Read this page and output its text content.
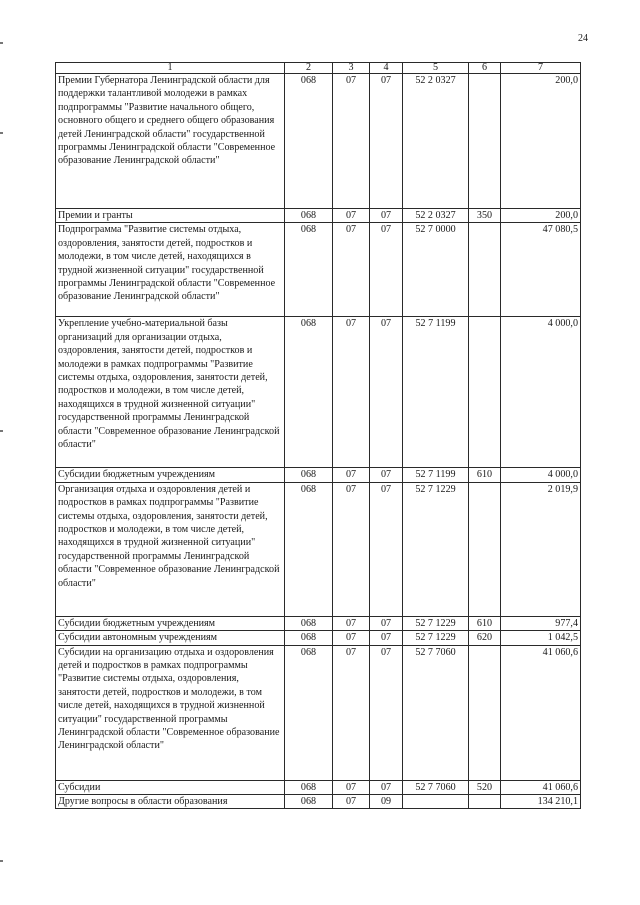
24
1	2	3	4	5	6	7
Премии Губернатора Ленинградской области для поддержки талантливой молодежи в рамках подпрограммы "Развитие начального общего, основного общего и среднего общего образования детей Ленинградской области" государственной программы Ленинградской области "Современное образование Ленинградской области"	068	07	07	52 2 0327		200,0
Премии и гранты	068	07	07	52 2 0327	350	200,0
Подпрограмма "Развитие системы отдыха, оздоровления, занятости детей, подростков и молодежи, в том числе детей, находящихся в трудной жизненной ситуации" государственной программы Ленинградской области "Современное образование Ленинградской области"	068	07	07	52 7 0000		47 080,5
Укрепление учебно-материальной базы организаций для организации отдыха, оздоровления, занятости детей, подростков и молодежи в рамках подпрограммы "Развитие системы отдыха, оздоровления, занятости детей, подростков и молодежи, в том числе детей, находящихся в трудной жизненной ситуации" государственной программы Ленинградской области "Современное образование Ленинградской области"	068	07	07	52 7 1199		4 000,0
Субсидии бюджетным учреждениям	068	07	07	52 7 1199	610	4 000,0
Организация отдыха и оздоровления детей и подростков в рамках подпрограммы "Развитие системы отдыха, оздоровления, занятости детей, подростков и молодежи, в том числе детей, находящихся в трудной жизненной ситуации" государственной программы Ленинградской области "Современное образование Ленинградской области"	068	07	07	52 7 1229		2 019,9
Субсидии бюджетным учреждениям	068	07	07	52 7 1229	610	977,4
Субсидии автономным учреждениям	068	07	07	52 7 1229	620	1 042,5
Субсидии на организацию отдыха и оздоровления детей и подростков в рамках подпрограммы "Развитие системы отдыха, оздоровления, занятости детей, подростков и молодежи, в том числе детей, находящихся в трудной жизненной ситуации" государственной программы Ленинградской области "Современное образование Ленинградской области"	068	07	07	52 7 7060		41 060,6
Субсидии	068	07	07	52 7 7060	520	41 060,6
Другие вопросы в области образования	068	07	09			134 210,1
